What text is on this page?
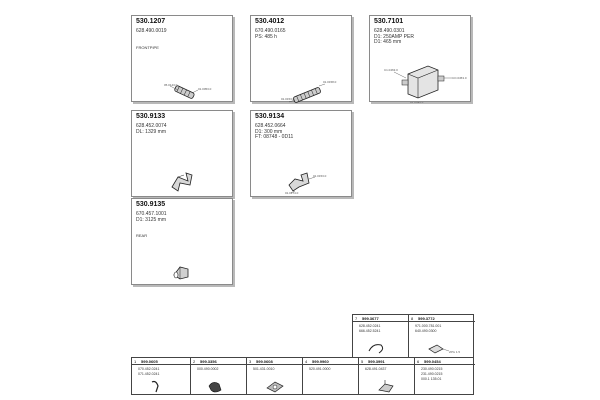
530.1207
628.490.0019
FRONTPIPE
05.0143.0
01.0053.0
530.4012
670.490.0165
PS: 485 h
01.0153.0
01.0158.0
530.7101
628.490.0301
D1: 250AMP PER
D1: 465 mm
C1.0463.0
CO.0453.0
01.0483.0
530.9133
628.452.0074
DL: 1329 mm
530.9134
628.452.0664
D1: 300 mm
FT: 08748 - 0D11
01.0153.0
01.0174.0
530.9135
670.457.1001
D1: 3125 mm
REAR
7 599.3677
628.452.0241
666.452.5241
8 599.3772
971.000.781.001
640.490.0300
2PG 1.5
1 599.0605
070.452.0241
071.452.0241
2 599.3356
000.490.0002
3 599.0608
501.431.0010
4 599.9960
520.491.0000
5 599.3991
628.491.0437
6 599.0454
230.490.0215
231.490.0215
000.1 135.01
